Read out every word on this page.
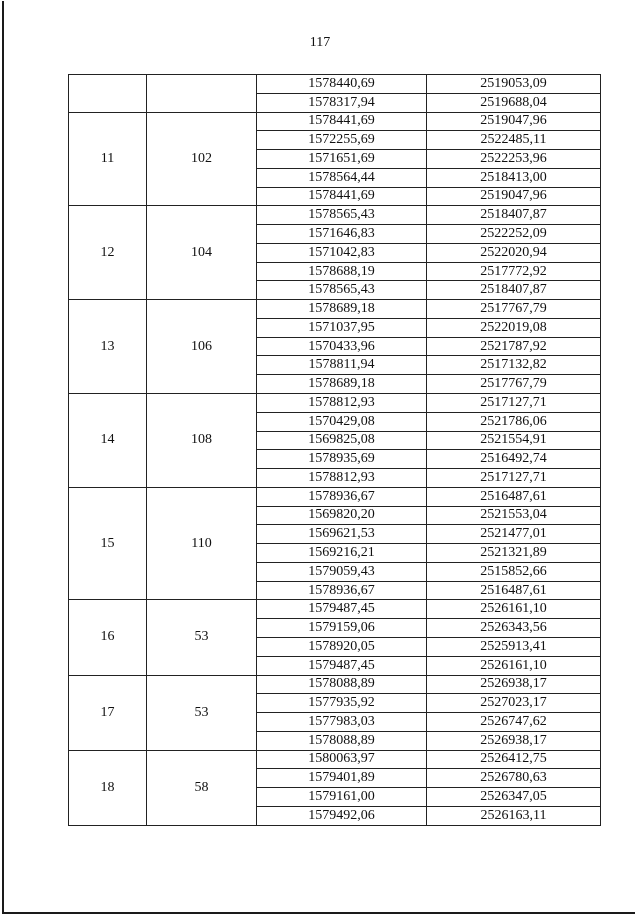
117
		1578440,69	2519053,09
		1578317,94	2519688,04
11	102	1578441,69	2519047,96
		1572255,69	2522485,11
		1571651,69	2522253,96
		1578564,44	2518413,00
		1578441,69	2519047,96
12	104	1578565,43	2518407,87
		1571646,83	2522252,09
		1571042,83	2522020,94
		1578688,19	2517772,92
		1578565,43	2518407,87
13	106	1578689,18	2517767,79
		1571037,95	2522019,08
		1570433,96	2521787,92
		1578811,94	2517132,82
		1578689,18	2517767,79
14	108	1578812,93	2517127,71
		1570429,08	2521786,06
		1569825,08	2521554,91
		1578935,69	2516492,74
		1578812,93	2517127,71
15	110	1578936,67	2516487,61
		1569820,20	2521553,04
		1569621,53	2521477,01
		1569216,21	2521321,89
		1579059,43	2515852,66
		1578936,67	2516487,61
16	53	1579487,45	2526161,10
		1579159,06	2526343,56
		1578920,05	2525913,41
		1579487,45	2526161,10
17	53	1578088,89	2526938,17
		1577935,92	2527023,17
		1577983,03	2526747,62
		1578088,89	2526938,17
18	58	1580063,97	2526412,75
		1579401,89	2526780,63
		1579161,00	2526347,05
		1579492,06	2526163,11
